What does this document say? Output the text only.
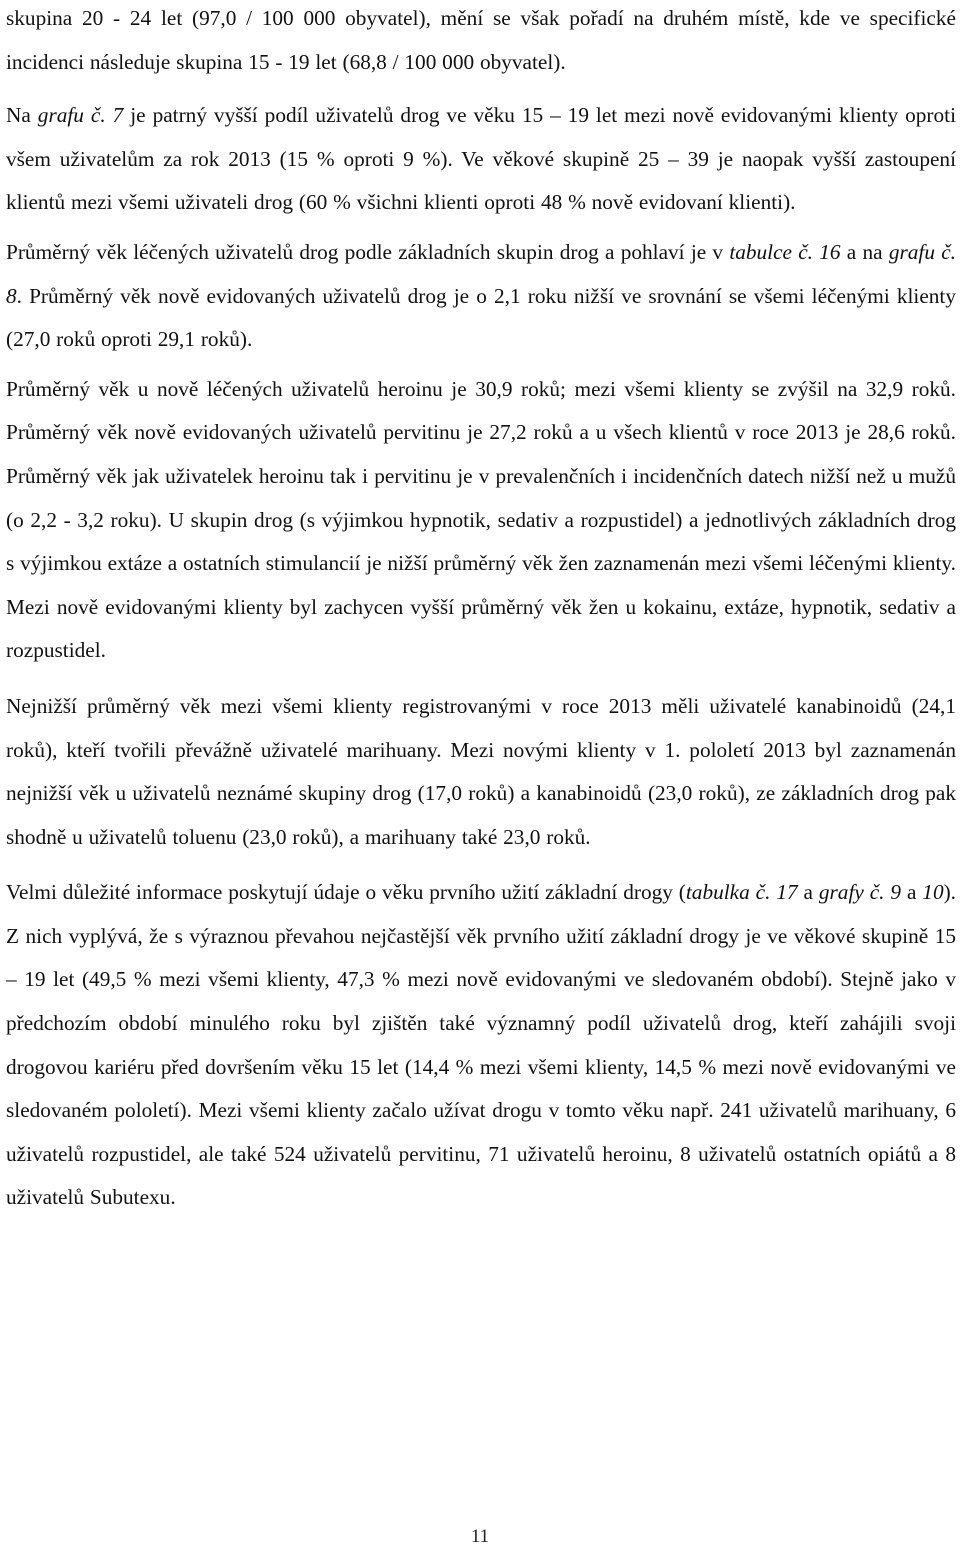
skupina 20 - 24 let (97,0 / 100 000 obyvatel), mění se však pořadí na druhém místě, kde ve specifické incidenci následuje skupina 15 - 19 let (68,8 / 100 000 obyvatel).

Na grafu č. 7 je patrný vyšší podíl uživatelů drog ve věku 15 – 19 let mezi nově evidovanými klienty oproti všem uživatelům za rok 2013 (15 % oproti 9 %). Ve věkové skupině 25 – 39 je naopak vyšší zastoupení klientů mezi všemi uživateli drog (60 % všichni klienti oproti 48 % nově evidovaní klienti).

Průměrný věk léčených uživatelů drog podle základních skupin drog a pohlaví je v tabulce č. 16 a na grafu č. 8. Průměrný věk nově evidovaných uživatelů drog je o 2,1 roku nižší ve srovnání se všemi léčenými klienty (27,0 roků oproti 29,1 roků).

Průměrný věk u nově léčených uživatelů heroinu je 30,9 roků; mezi všemi klienty se zvýšil na 32,9 roků. Průměrný věk nově evidovaných uživatelů pervitinu je 27,2 roků a u všech klientů v roce 2013 je 28,6 roků. Průměrný věk jak uživatelek heroinu tak i pervitinu je v prevalenčních i incidenčních datech nižší než u mužů (o 2,2 - 3,2 roku). U skupin drog (s výjimkou hypnotik, sedativ a rozpustidel) a jednotlivých základních drog s výjimkou extáze a ostatních stimulancií je nižší průměrný věk žen zaznamenán mezi všemi léčenými klienty. Mezi nově evidovanými klienty byl zachycen vyšší průměrný věk žen u kokainu, extáze, hypnotik, sedativ a rozpustidel.

Nejnižší průměrný věk mezi všemi klienty registrovanými v roce 2013 měli uživatelé kanabinoidů (24,1 roků), kteří tvořili převážně uživatelé marihuany. Mezi novými klienty v 1. pololetí 2013 byl zaznamenán nejnižší věk u uživatelů neznámé skupiny drog (17,0 roků) a kanabinoidů (23,0 roků), ze základních drog pak shodně u uživatelů toluenu (23,0 roků), a marihuany také 23,0 roků.

Velmi důležité informace poskytují údaje o věku prvního užití základní drogy (tabulka č. 17 a grafy č. 9 a 10). Z nich vyplývá, že s výraznou převahou nejčastější věk prvního užití základní drogy je ve věkové skupině 15 – 19 let (49,5 % mezi všemi klienty, 47,3 % mezi nově evidovanými ve sledovaném období). Stejně jako v předchozím období minulého roku byl zjištěn také významný podíl uživatelů drog, kteří zahájili svoji drogovou kariéru před dovršením věku 15 let (14,4 % mezi všemi klienty, 14,5 % mezi nově evidovanými ve sledovaném pololetí). Mezi všemi klienty začalo užívat drogu v tomto věku např. 241 uživatelů marihuany, 6 uživatelů rozpustidel, ale také 524 uživatelů pervitinu, 71 uživatelů heroinu, 8 uživatelů ostatních opiátů a 8 uživatelů Subutexu.

11
